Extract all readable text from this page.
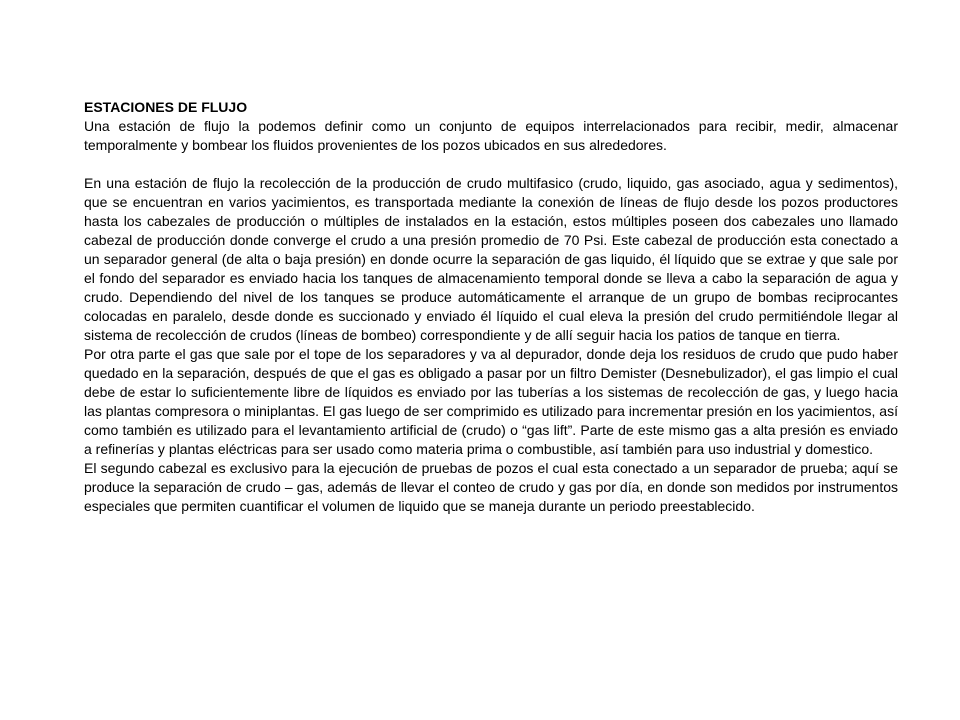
ESTACIONES DE FLUJO

Una estación de flujo la podemos definir como un conjunto de equipos interrelacionados para recibir, medir, almacenar temporalmente y bombear los fluidos provenientes de los pozos ubicados en sus alrededores.

En una estación de flujo la recolección de la producción de crudo multifasico (crudo, liquido, gas asociado, agua y sedimentos), que se encuentran en varios yacimientos, es transportada mediante la conexión de líneas de flujo desde los pozos productores hasta los cabezales de producción o múltiples de instalados en la estación, estos múltiples poseen dos cabezales uno llamado cabezal de producción donde converge el crudo a una presión promedio de 70 Psi. Este cabezal de producción esta conectado a un separador general (de alta o baja presión) en donde ocurre la separación de gas liquido, él líquido que se extrae y que sale por el fondo del separador es enviado hacia los tanques de almacenamiento temporal donde se lleva a cabo la separación de agua y crudo. Dependiendo del nivel de los tanques se produce automáticamente el arranque de un grupo de bombas reciprocantes colocadas en paralelo, desde donde es succionado y enviado él líquido el cual eleva la presión del crudo permitiéndole llegar al sistema de recolección de crudos (líneas de bombeo) correspondiente y de allí seguir hacia los patios de tanque en tierra.

Por otra parte el gas que sale por el tope de los separadores y va al depurador, donde deja los residuos de crudo que pudo haber quedado en la separación, después de que el gas es obligado a pasar por un filtro Demister (Desnebulizador), el gas limpio el cual debe de estar lo suficientemente libre de líquidos es enviado por las tuberías a los sistemas de recolección de gas, y luego hacia las plantas compresora o miniplantas. El gas luego de ser comprimido es utilizado para incrementar presión en los yacimientos, así como también es utilizado para el levantamiento artificial de (crudo) o “gas lift”. Parte de este mismo gas a alta presión es enviado a refinerías y plantas eléctricas para ser usado como materia prima o combustible, así también para uso industrial y domestico.

El segundo cabezal es exclusivo para la ejecución de pruebas de pozos el cual esta conectado a un separador de prueba; aquí se produce la separación de crudo – gas, además de llevar el conteo de crudo y gas por día, en donde son medidos por instrumentos especiales que permiten cuantificar el volumen de liquido que se maneja durante un periodo preestablecido.
